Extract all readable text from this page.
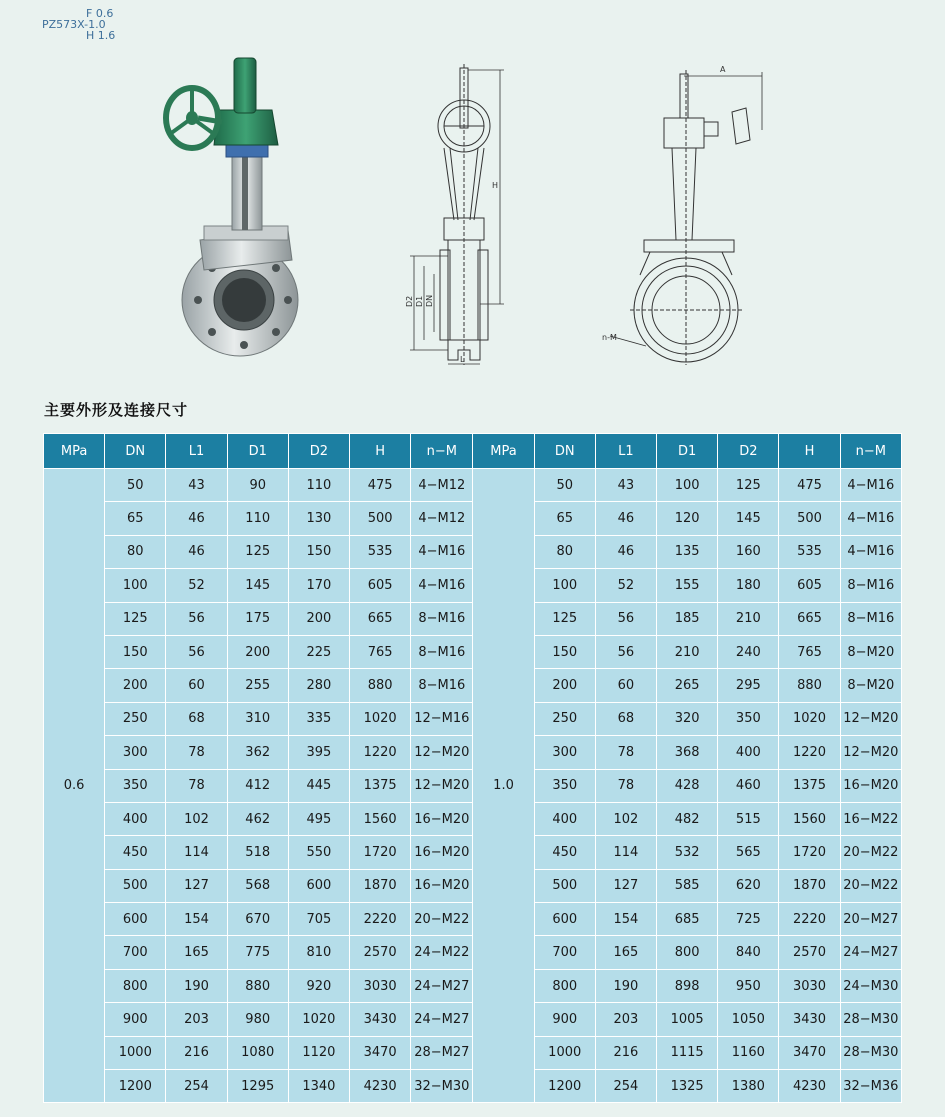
F 0.6
PZ573X-1.0
H 1.6
D2 D1 DN
H
L
A
n-M
主要外形及连接尺寸
MPa	DN	L1	D1	D2	H	n−M	MPa	DN	L1	D1	D2	H	n−M
0.6	50	43	90	110	475	4−M12	1.0	50	43	100	125	475	4−M16
	65	46	110	130	500	4−M12		65	46	120	145	500	4−M16
	80	46	125	150	535	4−M16		80	46	135	160	535	4−M16
	100	52	145	170	605	4−M16		100	52	155	180	605	8−M16
	125	56	175	200	665	8−M16		125	56	185	210	665	8−M16
	150	56	200	225	765	8−M16		150	56	210	240	765	8−M20
	200	60	255	280	880	8−M16		200	60	265	295	880	8−M20
	250	68	310	335	1020	12−M16		250	68	320	350	1020	12−M20
	300	78	362	395	1220	12−M20		300	78	368	400	1220	12−M20
	350	78	412	445	1375	12−M20		350	78	428	460	1375	16−M20
	400	102	462	495	1560	16−M20		400	102	482	515	1560	16−M22
	450	114	518	550	1720	16−M20		450	114	532	565	1720	20−M22
	500	127	568	600	1870	16−M20		500	127	585	620	1870	20−M22
	600	154	670	705	2220	20−M22		600	154	685	725	2220	20−M27
	700	165	775	810	2570	24−M22		700	165	800	840	2570	24−M27
	800	190	880	920	3030	24−M27		800	190	898	950	3030	24−M30
	900	203	980	1020	3430	24−M27		900	203	1005	1050	3430	28−M30
	1000	216	1080	1120	3470	28−M27		1000	216	1115	1160	3470	28−M30
	1200	254	1295	1340	4230	32−M30		1200	254	1325	1380	4230	32−M36
